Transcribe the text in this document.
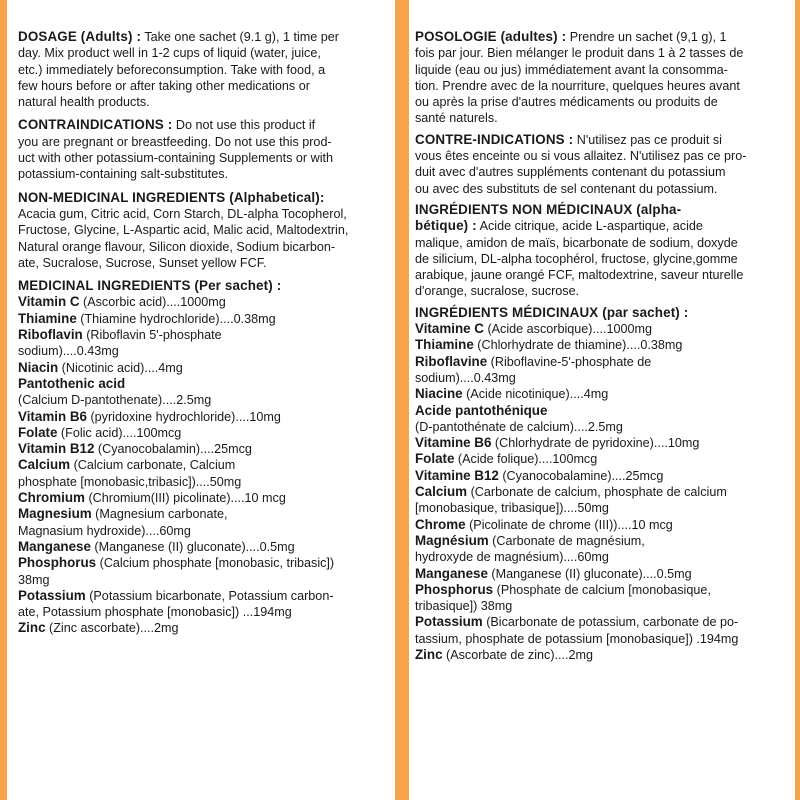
DOSAGE (Adults) : Take one sachet (9.1 g), 1 time per
day. Mix product well in 1-2 cups of liquid (water, juice,
etc.) immediately beforeconsumption. Take with food, a
few hours before or after taking other medications or
natural health products.
CONTRAINDICATIONS : Do not use this product if
you are pregnant or breastfeeding. Do not use this prod-
uct with other potassium-containing Supplements or with
potassium-containing salt-substitutes.
NON-MEDICINAL INGREDIENTS (Alphabetical):
Acacia gum, Citric acid, Corn Starch, DL-alpha Tocopherol,
Fructose, Glycine, L-Aspartic acid, Malic acid, Maltodextrin,
Natural orange flavour, Silicon dioxide, Sodium bicarbon-
ate, Sucralose, Sucrose, Sunset yellow FCF.
MEDICINAL INGREDIENTS (Per sachet) :
Vitamin C (Ascorbic acid)....1000mg
Thiamine (Thiamine hydrochloride)....0.38mg
Riboflavin (Riboflavin 5'-phosphate
sodium)....0.43mg
Niacin (Nicotinic acid)....4mg
Pantothenic acid
(Calcium D-pantothenate)....2.5mg
Vitamin B6 (pyridoxine hydrochloride)....10mg
Folate (Folic acid)....100mcg
Vitamin B12 (Cyanocobalamin)....25mcg
Calcium (Calcium carbonate, Calcium
phosphate [monobasic,tribasic])....50mg
Chromium (Chromium(III) picolinate)....10 mcg
Magnesium (Magnesium carbonate,
Magnasium hydroxide)....60mg
Manganese (Manganese (II) gluconate)....0.5mg
Phosphorus (Calcium phosphate [monobasic, tribasic])
38mg
Potassium (Potassium bicarbonate, Potassium carbon-
ate, Potassium phosphate [monobasic]) ...194mg
Zinc (Zinc ascorbate)....2mg
POSOLOGIE (adultes) : Prendre un sachet (9,1 g), 1
fois par jour. Bien mélanger le produit dans 1 à 2 tasses de
liquide (eau ou jus) immédiatement avant la consomma-
tion. Prendre avec de la nourriture, quelques heures avant
ou après la prise d'autres médicaments ou produits de
santé naturels.
CONTRE-INDICATIONS : N'utilisez pas ce produit si
vous êtes enceinte ou si vous allaitez. N'utilisez pas ce pro-
duit avec d'autres suppléments contenant du potassium
ou avec des substituts de sel contenant du potassium.
INGRÉDIENTS NON MÉDICINAUX (alpha-
bétique) : Acide citrique, acide L-aspartique, acide
malique, amidon de maïs, bicarbonate de sodium, doxyde
de silicium, DL-alpha tocophérol, fructose, glycine,gomme
arabique, jaune orangé FCF, maltodextrine, saveur nturelle
d'orange, sucralose, sucrose.
INGRÉDIENTS MÉDICINAUX (par sachet) :
Vitamine C (Acide ascorbique)....1000mg
Thiamine (Chlorhydrate de thiamine)....0.38mg
Riboflavine (Riboflavine-5'-phosphate de
sodium)....0.43mg
Niacine (Acide nicotinique)....4mg
Acide pantothénique
(D-pantothénate de calcium)....2.5mg
Vitamine B6 (Chlorhydrate de pyridoxine)....10mg
Folate (Acide folique)....100mcg
Vitamine B12 (Cyanocobalamine)....25mcg
Calcium (Carbonate de calcium, phosphate de calcium
[monobasique, tribasique])....50mg
Chrome (Picolinate de chrome (III))....10 mcg
Magnésium (Carbonate de magnésium,
hydroxyde de magnésium)....60mg
Manganese (Manganese (II) gluconate)....0.5mg
Phosphorus (Phosphate de calcium [monobasique,
tribasique]) 38mg
Potassium (Bicarbonate de potassium, carbonate de po-
tassium, phosphate de potassium [monobasique]) .194mg
Zinc (Ascorbate de zinc)....2mg
